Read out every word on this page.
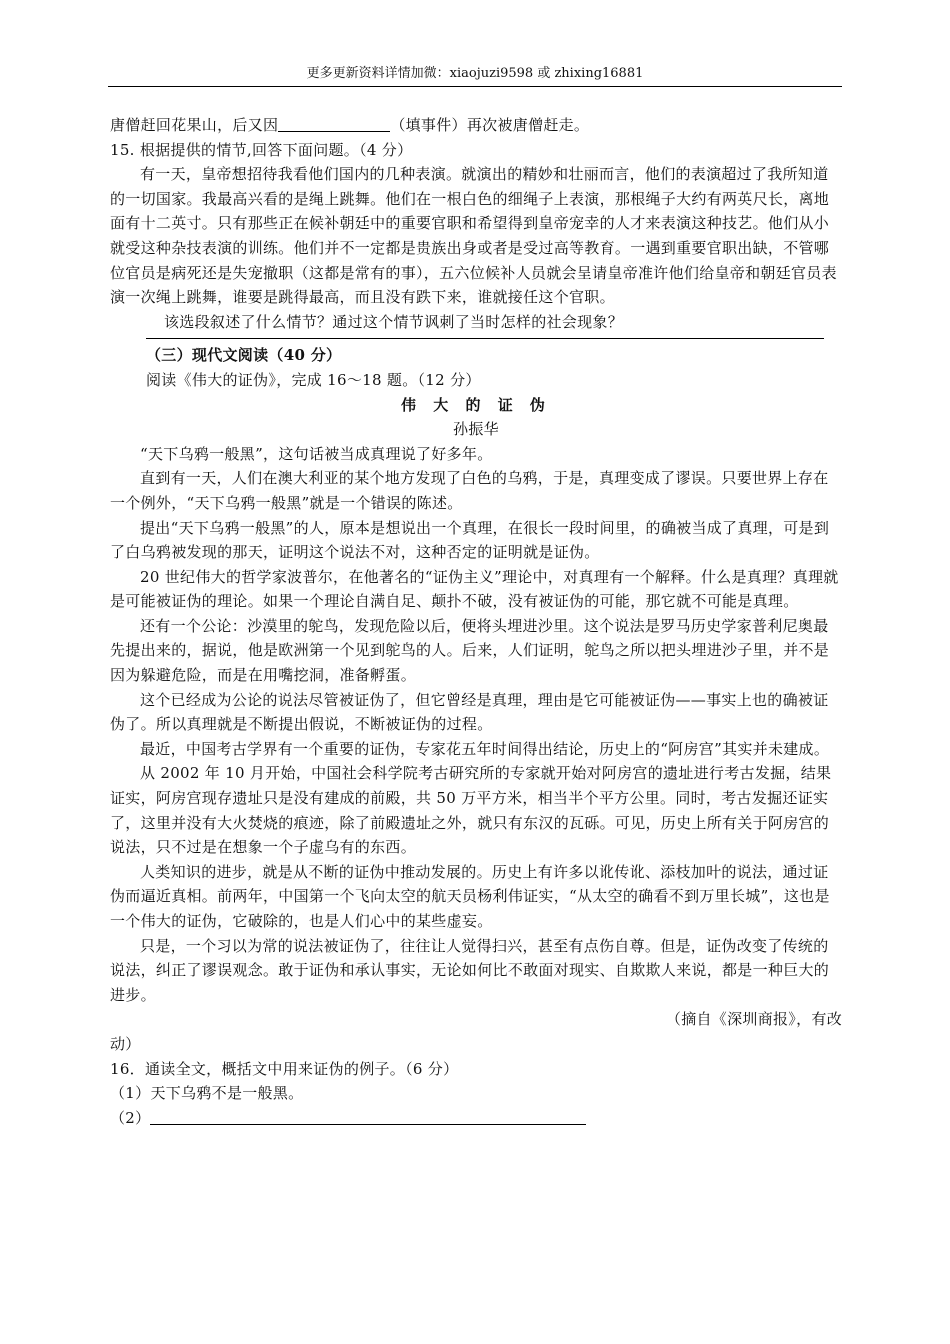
更多更新资料详情加微：xiaojuzi9598 或 zhixing16881

唐僧赶回花果山，后又因	（填事件）再次被唐僧赶走。

15. 根据提供的情节,回答下面问题。（4 分）

有一天，皇帝想招待我看他们国内的几种表演。就演出的精妙和壮丽而言，他们的表演超过了我所知道的一切国家。我最高兴看的是绳上跳舞。他们在一根白色的细绳子上表演，那根绳子大约有两英尺长，离地面有十二英寸。只有那些正在候补朝廷中的重要官职和希望得到皇帝宠幸的人才来表演这种技艺。他们从小就受这种杂技表演的训练。他们并不一定都是贵族出身或者是受过高等教育。一遇到重要官职出缺，不管哪位官员是病死还是失宠撤职（这都是常有的事），五六位候补人员就会呈请皇帝准许他们给皇帝和朝廷官员表演一次绳上跳舞，谁要是跳得最高，而且没有跌下来，谁就接任这个官职。

该选段叙述了什么情节？通过这个情节讽刺了当时怎样的社会现象？

（三）现代文阅读（40 分）

阅读《伟大的证伪》，完成 16～18 题。（12 分）

伟 大 的 证 伪

孙振华

“天下乌鸦一般黑”，这句话被当成真理说了好多年。

直到有一天，人们在澳大利亚的某个地方发现了白色的乌鸦，于是，真理变成了谬误。只要世界上存在一个例外，“天下乌鸦一般黑”就是一个错误的陈述。

提出“天下乌鸦一般黑”的人，原本是想说出一个真理，在很长一段时间里，的确被当成了真理，可是到了白乌鸦被发现的那天，证明这个说法不对，这种否定的证明就是证伪。

20 世纪伟大的哲学家波普尔，在他著名的“证伪主义”理论中，对真理有一个解释。什么是真理？真理就是可能被证伪的理论。如果一个理论自满自足、颠扑不破，没有被证伪的可能，那它就不可能是真理。

还有一个公论：沙漠里的鸵鸟，发现危险以后，便将头埋进沙里。这个说法是罗马历史学家普利尼奥最先提出来的，据说，他是欧洲第一个见到鸵鸟的人。后来，人们证明，鸵鸟之所以把头埋进沙子里，并不是因为躲避危险，而是在用嘴挖洞，准备孵蛋。

这个已经成为公论的说法尽管被证伪了，但它曾经是真理，理由是它可能被证伪——事实上也的确被证伪了。所以真理就是不断提出假说，不断被证伪的过程。

最近，中国考古学界有一个重要的证伪，专家花五年时间得出结论，历史上的“阿房宫”其实并未建成。

从 2002 年 10 月开始，中国社会科学院考古研究所的专家就开始对阿房宫的遗址进行考古发掘，结果证实，阿房宫现存遗址只是没有建成的前殿，共 50 万平方米，相当半个平方公里。同时，考古发掘还证实了，这里并没有大火焚烧的痕迹，除了前殿遗址之外，就只有东汉的瓦砾。可见，历史上所有关于阿房宫的说法，只不过是在想象一个子虚乌有的东西。

人类知识的进步，就是从不断的证伪中推动发展的。历史上有许多以讹传讹、添枝加叶的说法，通过证伪而逼近真相。前两年，中国第一个飞向太空的航天员杨利伟证实，“从太空的确看不到万里长城”，这也是一个伟大的证伪，它破除的，也是人们心中的某些虚妄。

只是，一个习以为常的说法被证伪了，往往让人觉得扫兴，甚至有点伤自尊。但是，证伪改变了传统的说法，纠正了谬误观念。敢于证伪和承认事实，无论如何比不敢面对现实、自欺欺人来说，都是一种巨大的进步。

（摘自《深圳商报》，有改

动）

16．通读全文，概括文中用来证伪的例子。（6 分）

（1）天下乌鸦不是一般黑。

（2）
